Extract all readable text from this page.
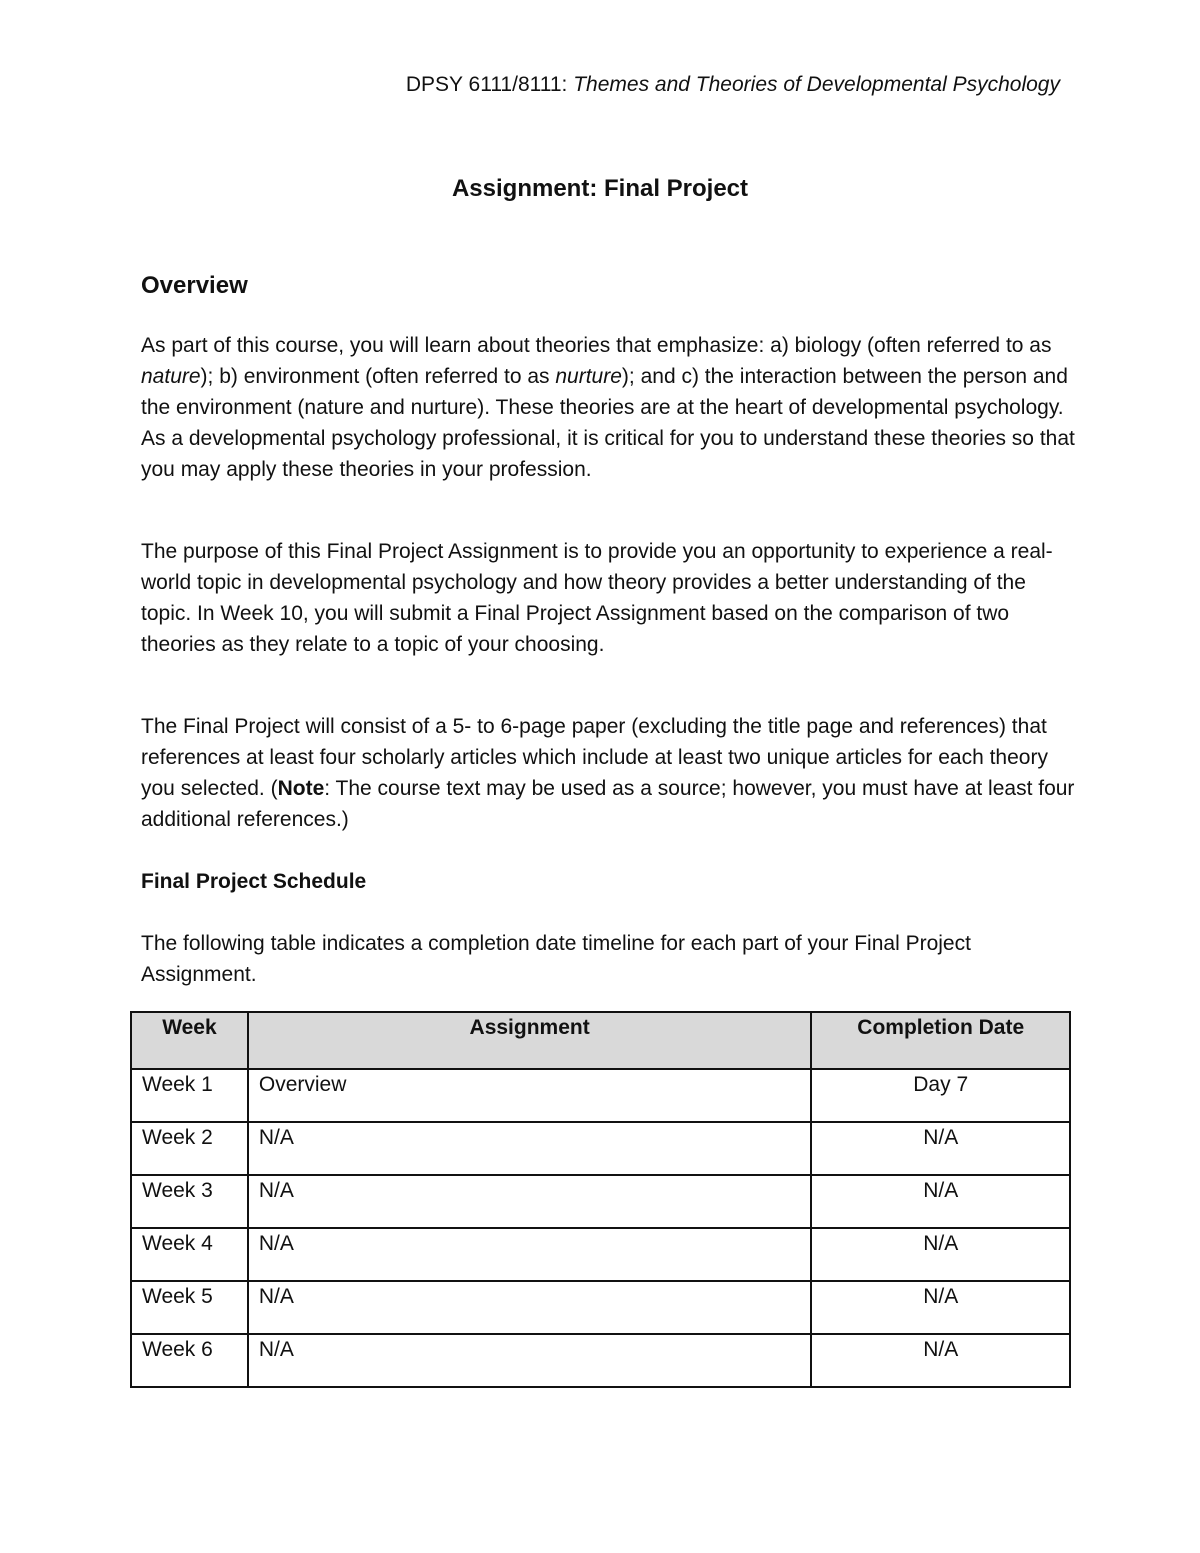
DPSY 6111/8111: Themes and Theories of Developmental Psychology
Assignment: Final Project
Overview

As part of this course, you will learn about theories that emphasize: a) biology (often referred to as nature); b) environment (often referred to as nurture); and c) the interaction between the person and the environment (nature and nurture). These theories are at the heart of developmental psychology. As a developmental psychology professional, it is critical for you to understand these theories so that you may apply these theories in your profession.

The purpose of this Final Project Assignment is to provide you an opportunity to experience a real-world topic in developmental psychology and how theory provides a better understanding of the topic. In Week 10, you will submit a Final Project Assignment based on the comparison of two theories as they relate to a topic of your choosing.

The Final Project will consist of a 5- to 6-page paper (excluding the title page and references) that references at least four scholarly articles which include at least two unique articles for each theory you selected. (Note: The course text may be used as a source; however, you must have at least four additional references.)

Final Project Schedule

The following table indicates a completion date timeline for each part of your Final Project Assignment.

Week	Assignment	Completion Date
Week 1	Overview	Day 7
Week 2	N/A	N/A
Week 3	N/A	N/A
Week 4	N/A	N/A
Week 5	N/A	N/A
Week 6	N/A	N/A
